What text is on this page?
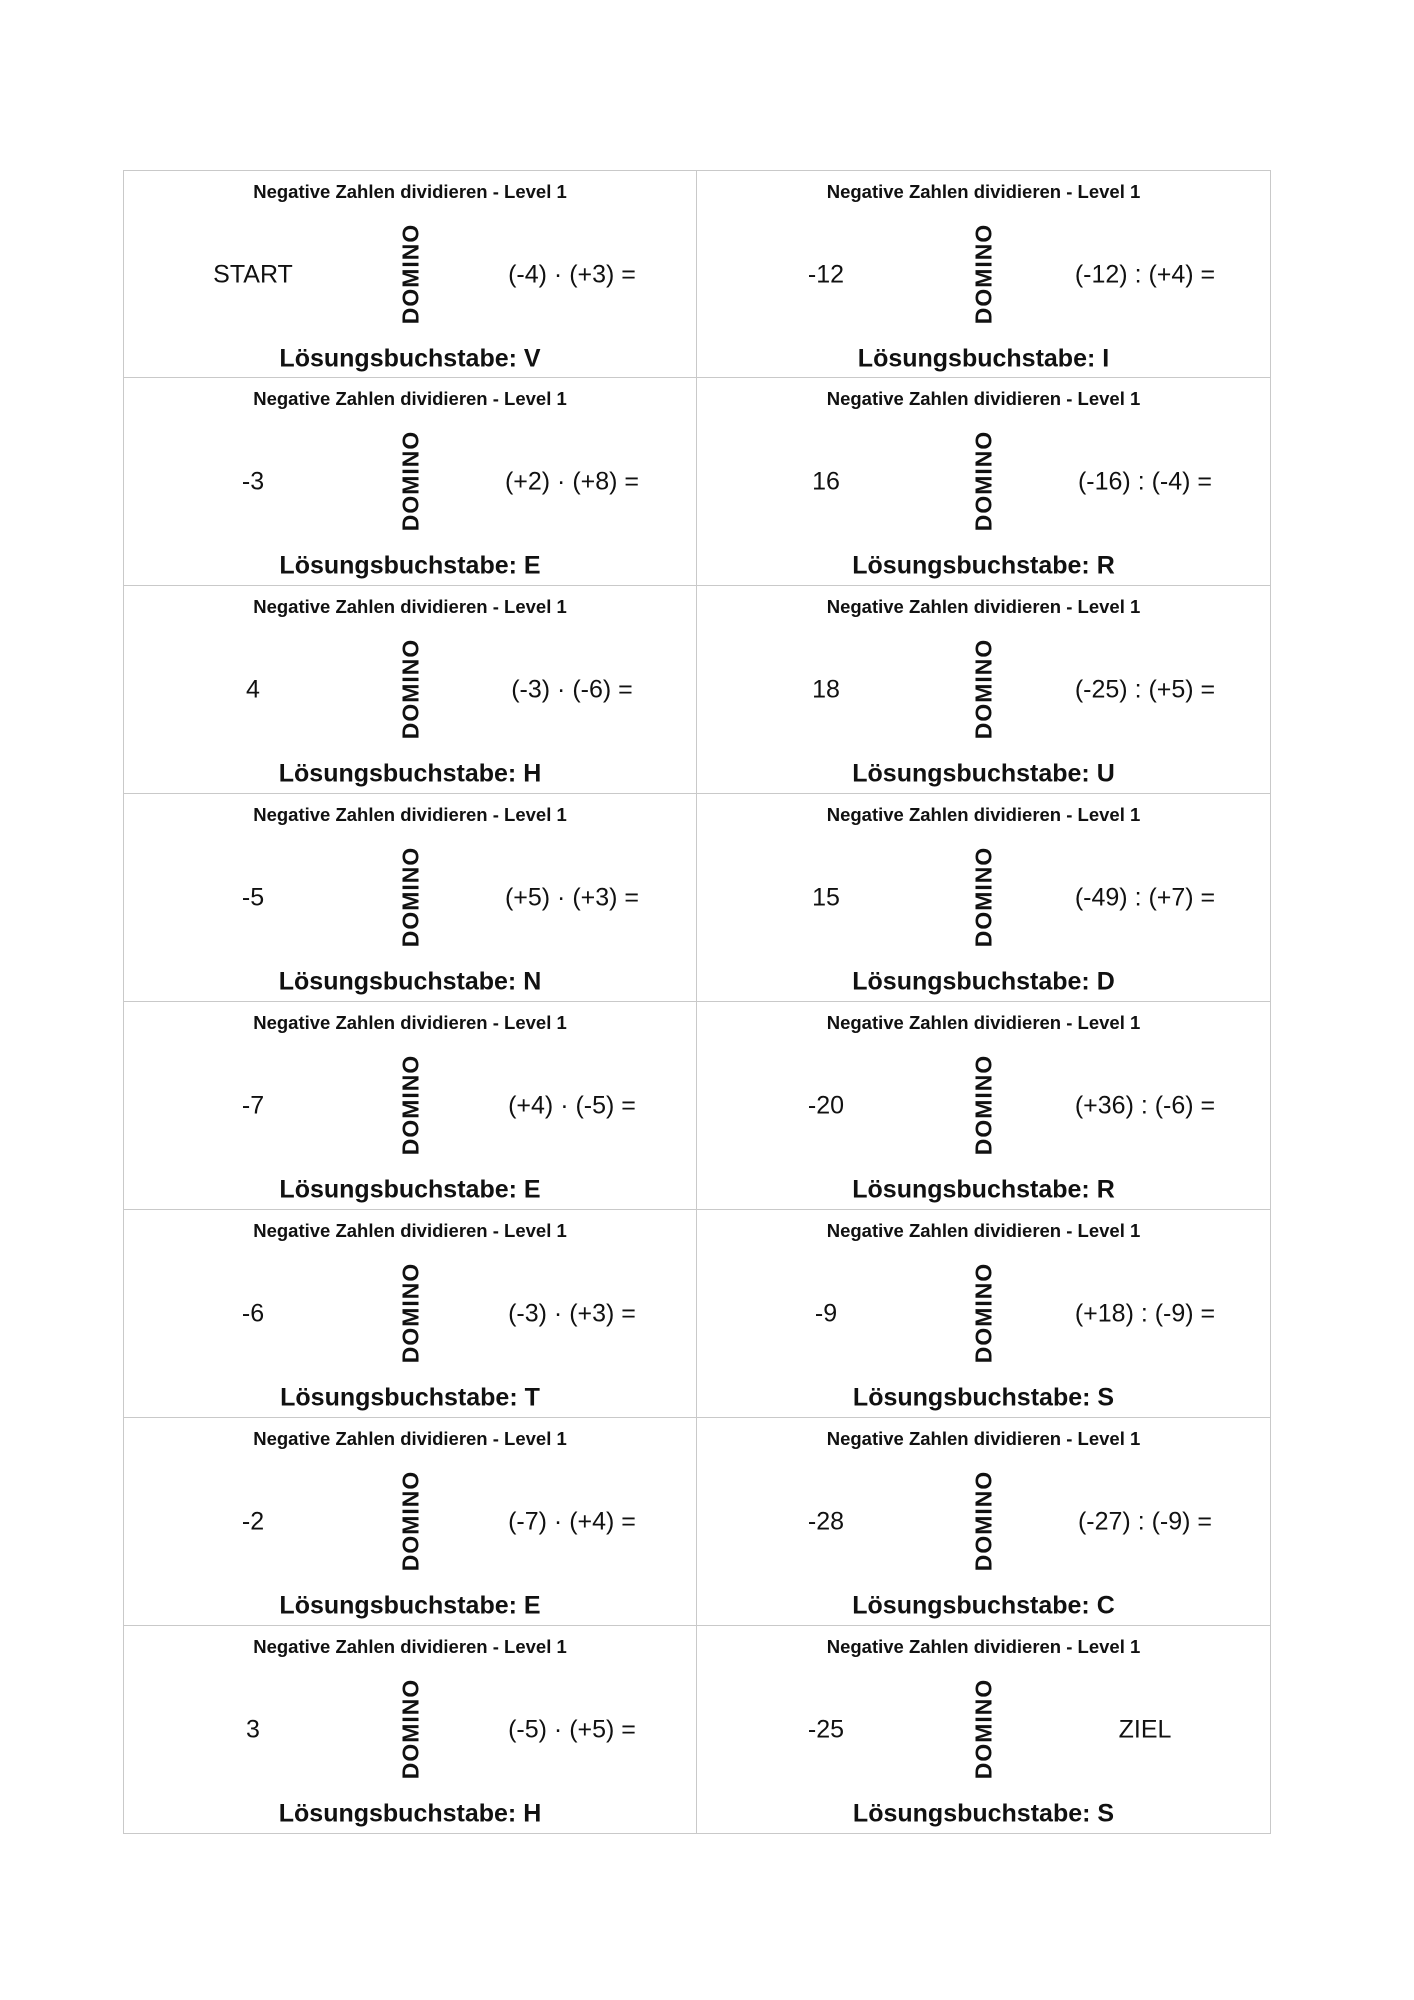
Negative Zahlen dividieren - Level 1
START	DOMINO	(-4) · (+3) =
Lösungsbuchstabe: V
Negative Zahlen dividieren - Level 1
-12	DOMINO	(-12) : (+4) =
Lösungsbuchstabe: I
Negative Zahlen dividieren - Level 1
-3	DOMINO	(+2) · (+8) =
Lösungsbuchstabe: E
Negative Zahlen dividieren - Level 1
16	DOMINO	(-16) : (-4) =
Lösungsbuchstabe: R
Negative Zahlen dividieren - Level 1
4	DOMINO	(-3) · (-6) =
Lösungsbuchstabe: H
Negative Zahlen dividieren - Level 1
18	DOMINO	(-25) : (+5) =
Lösungsbuchstabe: U
Negative Zahlen dividieren - Level 1
-5	DOMINO	(+5) · (+3) =
Lösungsbuchstabe: N
Negative Zahlen dividieren - Level 1
15	DOMINO	(-49) : (+7) =
Lösungsbuchstabe: D
Negative Zahlen dividieren - Level 1
-7	DOMINO	(+4) · (-5) =
Lösungsbuchstabe: E
Negative Zahlen dividieren - Level 1
-20	DOMINO	(+36) : (-6) =
Lösungsbuchstabe: R
Negative Zahlen dividieren - Level 1
-6	DOMINO	(-3) · (+3) =
Lösungsbuchstabe: T
Negative Zahlen dividieren - Level 1
-9	DOMINO	(+18) : (-9) =
Lösungsbuchstabe: S
Negative Zahlen dividieren - Level 1
-2	DOMINO	(-7) · (+4) =
Lösungsbuchstabe: E
Negative Zahlen dividieren - Level 1
-28	DOMINO	(-27) : (-9) =
Lösungsbuchstabe: C
Negative Zahlen dividieren - Level 1
3	DOMINO	(-5) · (+5) =
Lösungsbuchstabe: H
Negative Zahlen dividieren - Level 1
-25	DOMINO	ZIEL
Lösungsbuchstabe: S
